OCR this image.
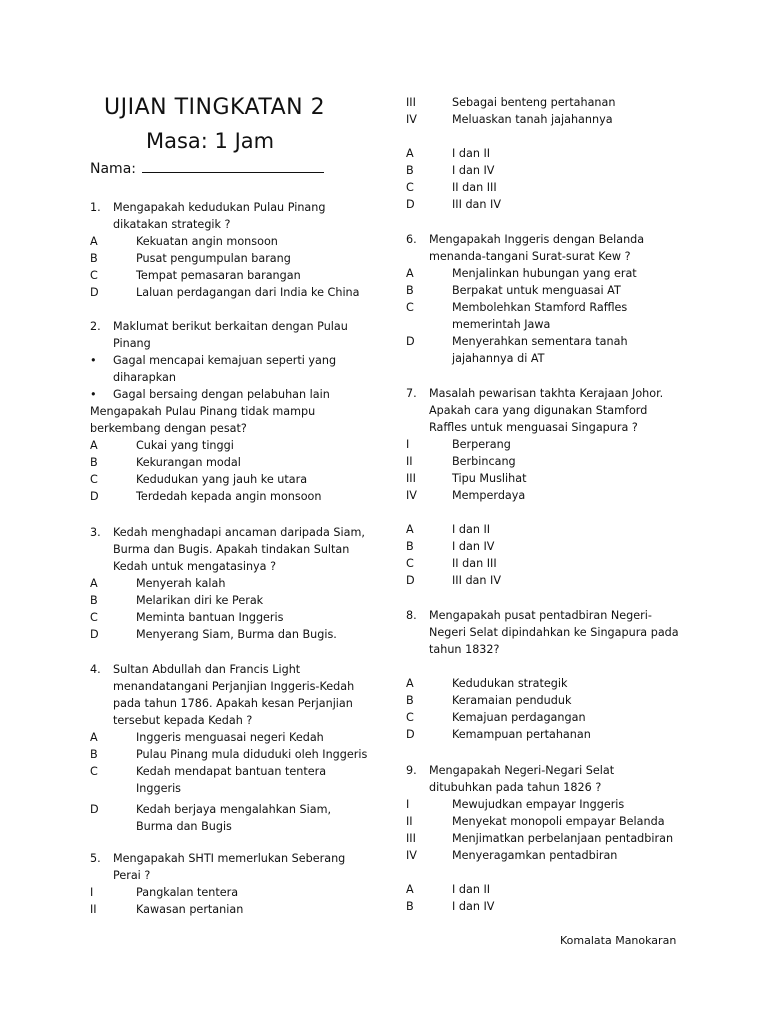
UJIAN TINGKATAN 2
Masa: 1 Jam
Nama:
1.	Mengapakah kedudukan Pulau Pinang
dikatakan strategik ?
A	Kekuatan angin monsoon
B	Pusat pengumpulan barang
C	Tempat pemasaran barangan
D	Laluan perdagangan dari India ke China
2.	Maklumat berikut berkaitan dengan Pulau
Pinang
•	Gagal mencapai kemajuan seperti yang
diharapkan
•	Gagal bersaing dengan pelabuhan lain
Mengapakah Pulau Pinang tidak mampu
berkembang dengan pesat?
A	Cukai yang tinggi
B	Kekurangan modal
C	Kedudukan yang jauh ke utara
D	Terdedah kepada angin monsoon
3.	Kedah menghadapi ancaman daripada Siam,
Burma dan Bugis. Apakah tindakan Sultan
Kedah untuk mengatasinya ?
A	Menyerah kalah
B	Melarikan diri ke Perak
C	Meminta bantuan Inggeris
D	Menyerang Siam, Burma dan Bugis.
4.	Sultan Abdullah dan Francis Light
menandatangani Perjanjian Inggeris-Kedah
pada tahun 1786. Apakah kesan Perjanjian
tersebut kepada Kedah ?
A	Inggeris menguasai negeri Kedah
B	Pulau Pinang mula diduduki oleh Inggeris
C	Kedah mendapat bantuan tentera
Inggeris
D	Kedah berjaya mengalahkan Siam,
Burma dan Bugis
5.	Mengapakah SHTI memerlukan Seberang
Perai ?
I	Pangkalan tentera
II	Kawasan pertanian
III	Sebagai benteng pertahanan
IV	Meluaskan tanah jajahannya
A	I dan II
B	I dan IV
C	II dan III
D	III dan IV
6.	Mengapakah Inggeris dengan Belanda
menanda-tangani Surat-surat Kew ?
A	Menjalinkan hubungan yang erat
B	Berpakat untuk menguasai AT
C	Membolehkan Stamford Raffles
memerintah Jawa
D	Menyerahkan sementara tanah
jajahannya di AT
7.	Masalah pewarisan takhta Kerajaan Johor.
Apakah cara yang digunakan Stamford
Raffles untuk menguasai Singapura ?
I	Berperang
II	Berbincang
III	Tipu Muslihat
IV	Memperdaya
A	I dan II
B	I dan IV
C	II dan III
D	III dan IV
8.	Mengapakah pusat pentadbiran Negeri-
Negeri Selat dipindahkan ke Singapura pada
tahun 1832?
A	Kedudukan strategik
B	Keramaian penduduk
C	Kemajuan perdagangan
D	Kemampuan pertahanan
9.	Mengapakah Negeri-Negari Selat
ditubuhkan pada tahun 1826 ?
I	Mewujudkan empayar Inggeris
II	Menyekat monopoli empayar Belanda
III	Menjimatkan perbelanjaan pentadbiran
IV	Menyeragamkan pentadbiran
A	I dan II
B	I dan IV
Komalata Manokaran
